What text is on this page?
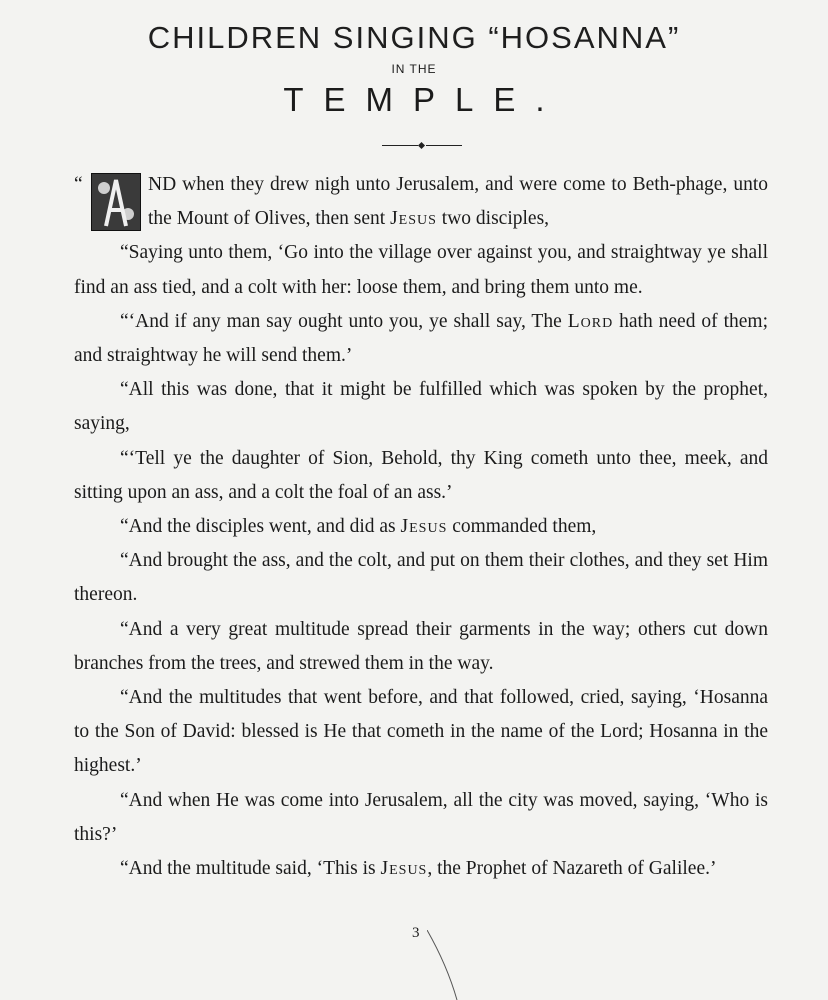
CHILDREN SINGING “HOSANNA”
IN THE
TEMPLE.

“	ND when they drew nigh unto Jerusalem, and were come to Beth-phage, unto the Mount of Olives, then sent Jesus two disciples,

“Saying unto them, ‘Go into the village over against you, and straightway ye shall find an ass tied, and a colt with her: loose them, and bring them unto me.

“‘And if any man say ought unto you, ye shall say, The Lord hath need of them; and straightway he will send them.’

“All this was done, that it might be fulfilled which was spoken by the prophet, saying,

“‘Tell ye the daughter of Sion, Behold, thy King cometh unto thee, meek, and sitting upon an ass, and a colt the foal of an ass.’

“And the disciples went, and did as Jesus commanded them,

“And brought the ass, and the colt, and put on them their clothes, and they set Him thereon.

“And a very great multitude spread their garments in the way; others cut down branches from the trees, and strewed them in the way.

“And the multitudes that went before, and that followed, cried, saying, ‘Hosanna to the Son of David: blessed is He that cometh in the name of the Lord; Hosanna in the highest.’

“And when He was come into Jerusalem, all the city was moved, saying, ‘Who is this?’

“And the multitude said, ‘This is Jesus, the Prophet of Nazareth of Galilee.’

3
